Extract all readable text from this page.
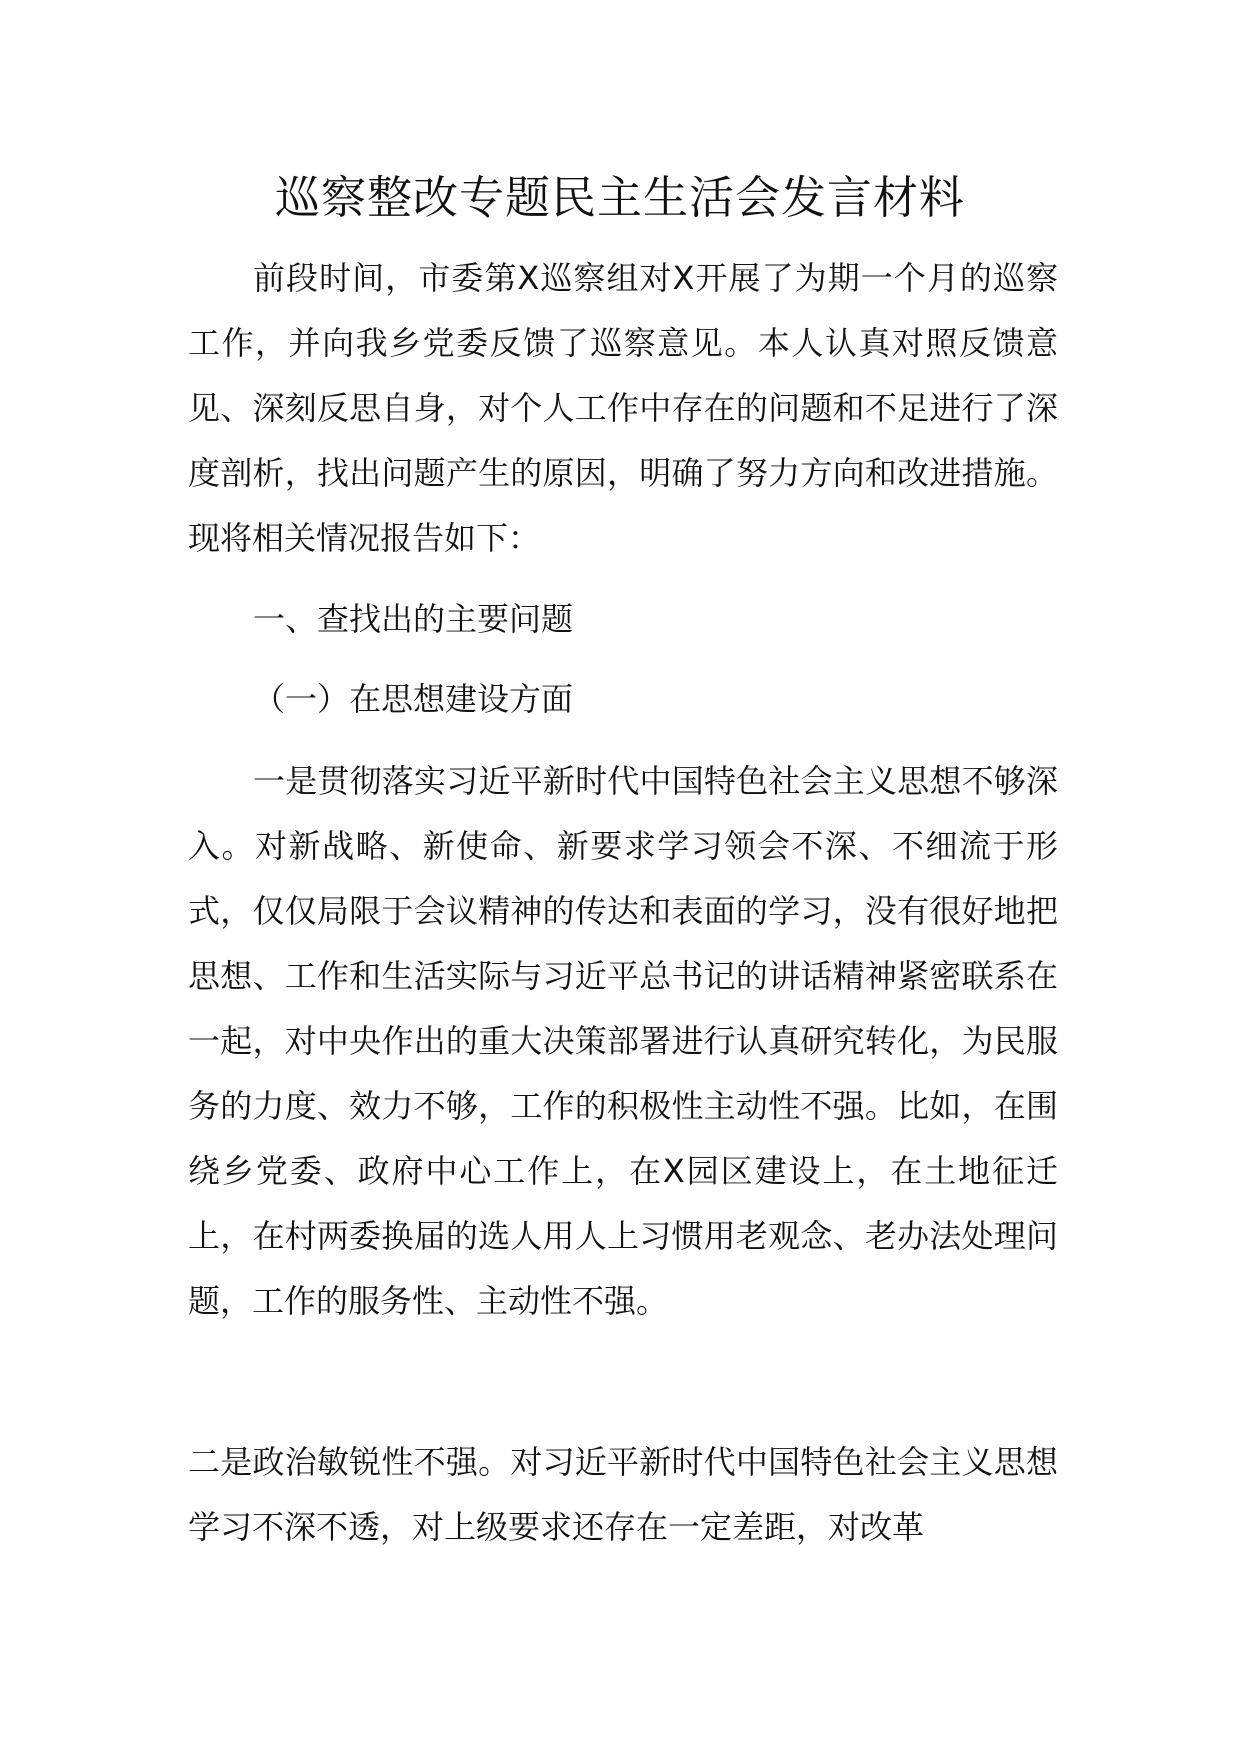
巡察整改专题民主生活会发言材料

前段时间，市委第X巡察组对X开展了为期一个月的巡察工作，并向我乡党委反馈了巡察意见。本人认真对照反馈意见、深刻反思自身，对个人工作中存在的问题和不足进行了深度剖析，找出问题产生的原因，明确了努力方向和改进措施。现将相关情况报告如下：

一、查找出的主要问题

（一）在思想建设方面

一是贯彻落实习近平新时代中国特色社会主义思想不够深入。对新战略、新使命、新要求学习领会不深、不细流于形式，仅仅局限于会议精神的传达和表面的学习，没有很好地把思想、工作和生活实际与习近平总书记的讲话精神紧密联系在一起，对中央作出的重大决策部署进行认真研究转化，为民服务的力度、效力不够，工作的积极性主动性不强。比如，在围绕乡党委、政府中心工作上，在X园区建设上，在土地征迁上，在村两委换届的选人用人上习惯用老观念、老办法处理问题，工作的服务性、主动性不强。

二是政治敏锐性不强。对习近平新时代中国特色社会主义思想学习不深不透，对上级要求还存在一定差距，对改革
